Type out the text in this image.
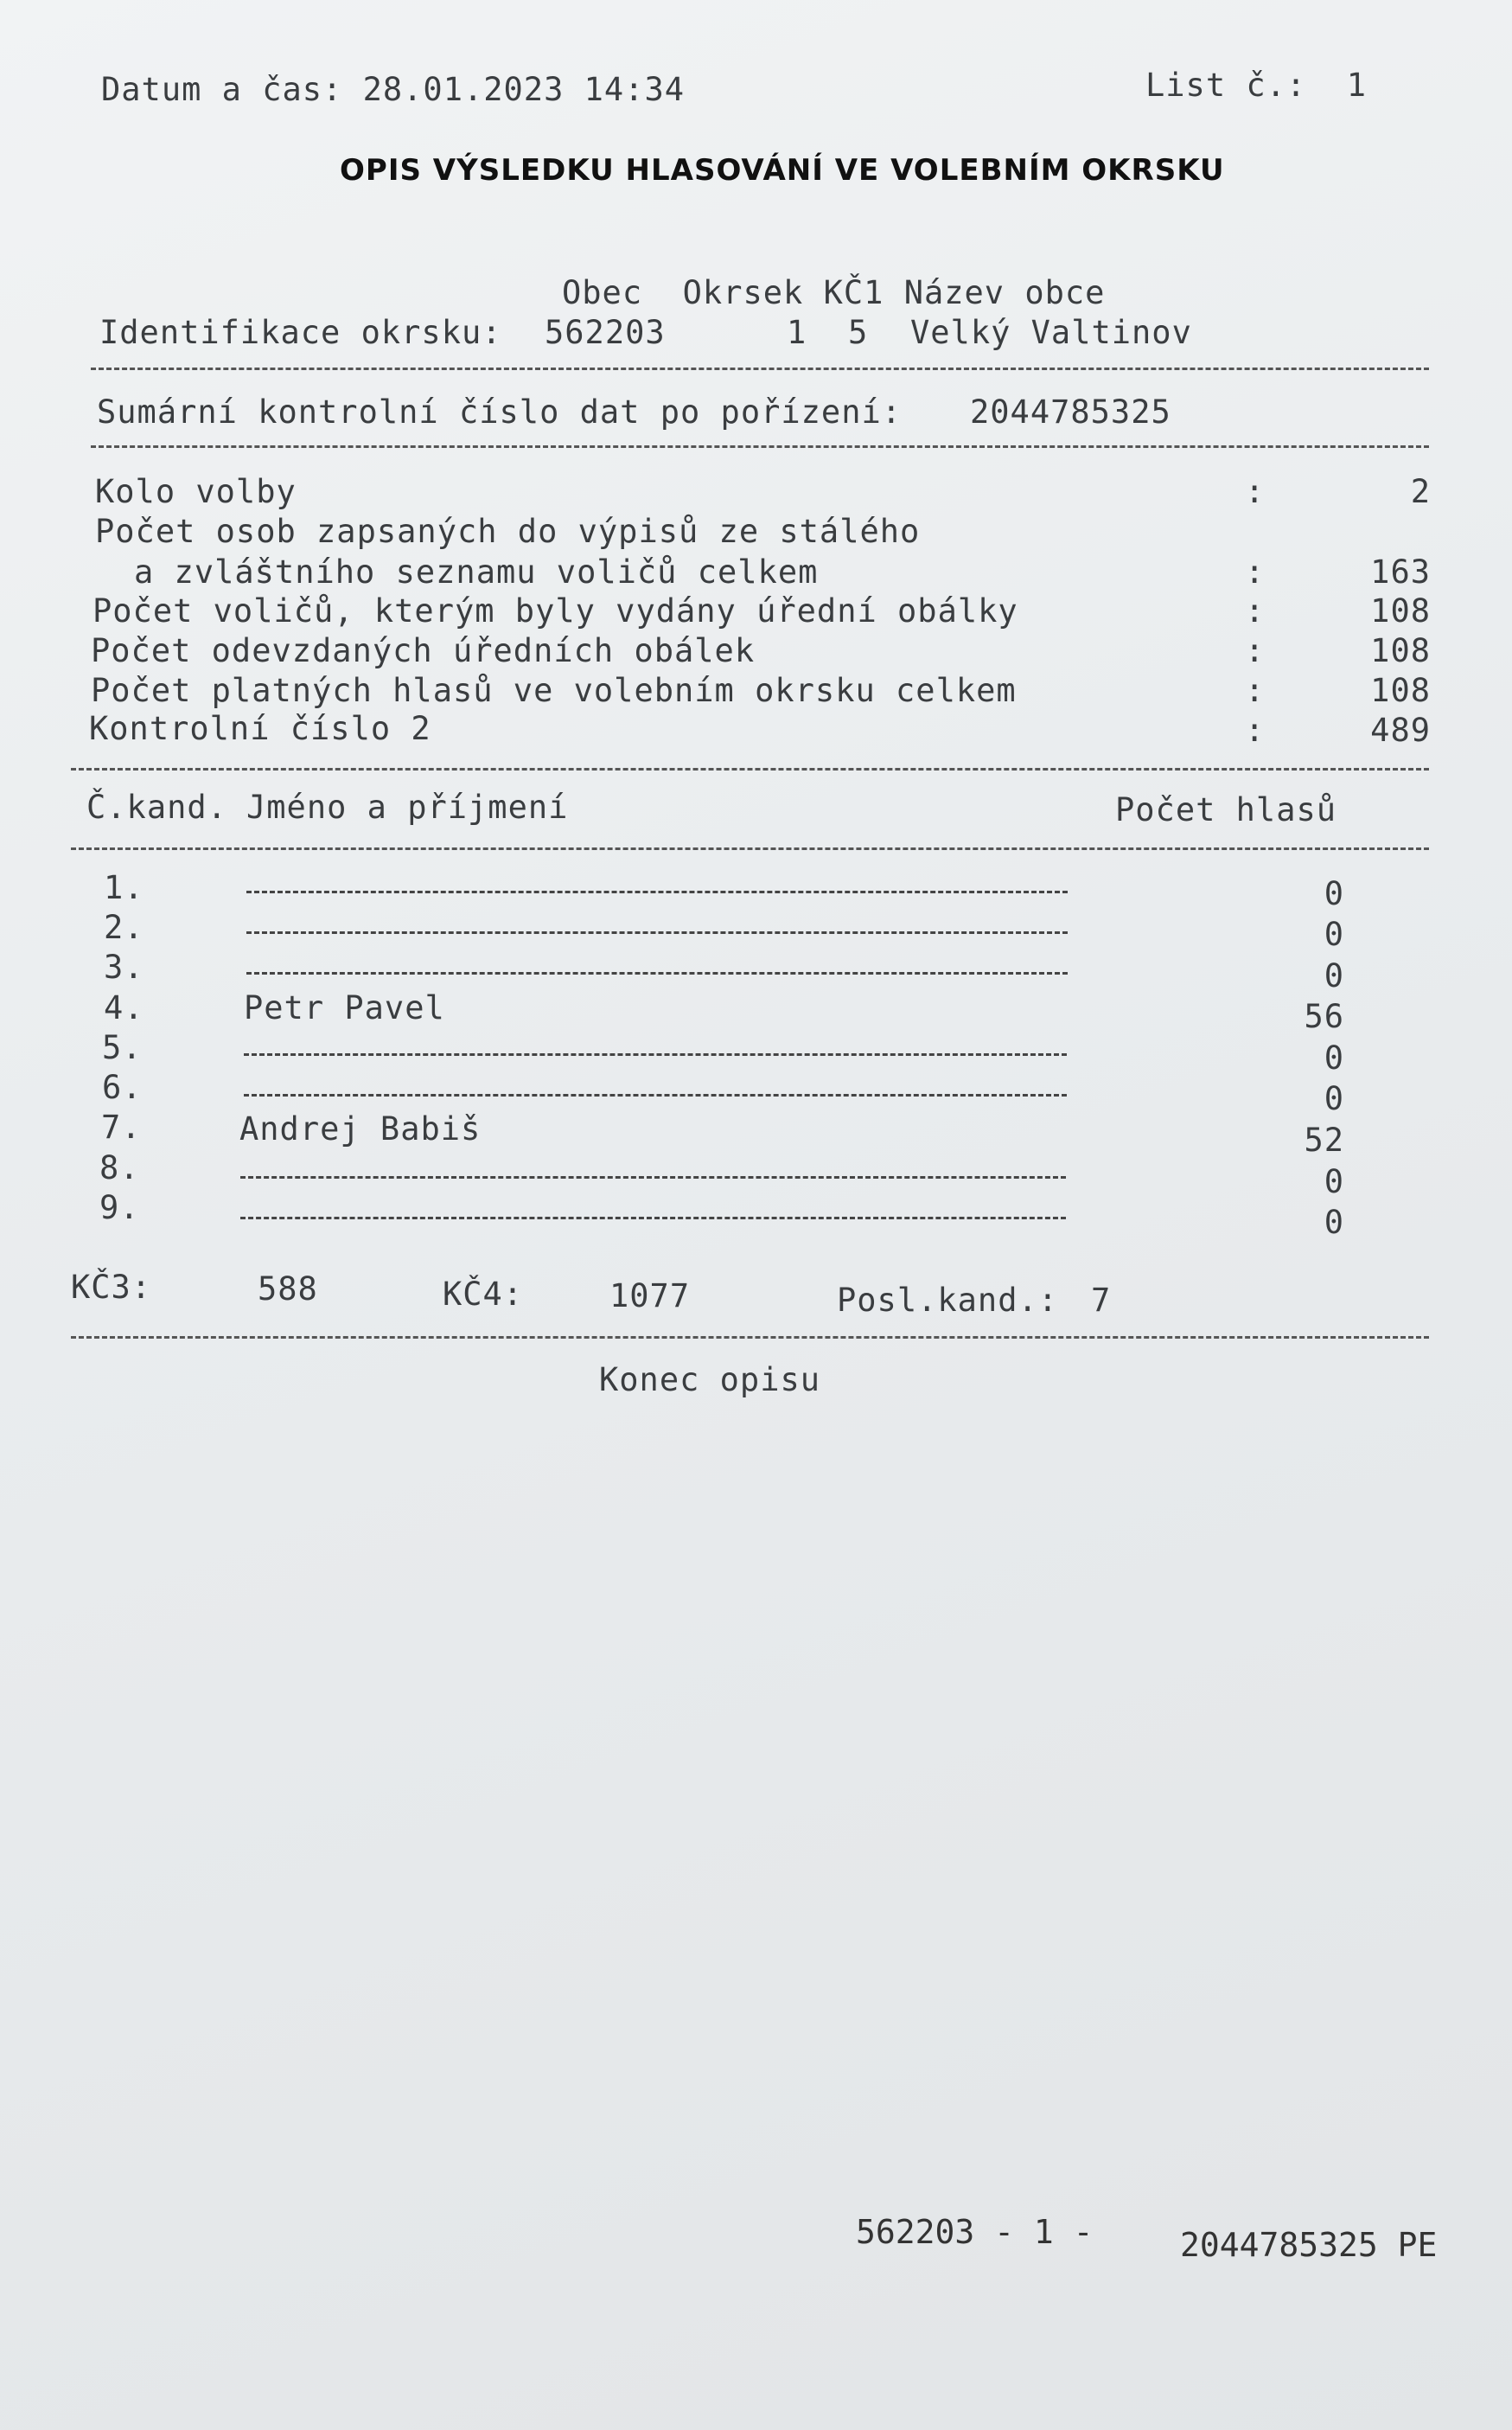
Datum a čas: 28.01.2023 14:34	List č.:  1
OPIS VÝSLEDKU HLASOVÁNÍ VE VOLEBNÍM OKRSKU
Obec  Okrsek KČ1 Název obce
Identifikace okrsku: 562203	1 5 Velký Valtinov
Sumární kontrolní číslo dat po pořízení: 2044785325
Kolo volby	:	2
Počet osob zapsaných do výpisů ze stálého
a zvláštního seznamu voličů celkem	:	163
Počet voličů, kterým byly vydány úřední obálky	:	108
Počet odevzdaných úředních obálek	:	108
Počet platných hlasů ve volebním okrsku celkem	:	108
Kontrolní číslo 2	:	489
Č.kand. Jméno a příjmení	Počet hlasů
1.	0
2.	0
3.	0
4.	Petr Pavel	56
5.	0
6.	0
7.	Andrej Babiš	52
8.	0
9.	0
KČ3:	588	KČ4:	1077	Posl.kand.: 7
Konec opisu
562203 - 1 -	2044785325 PE
